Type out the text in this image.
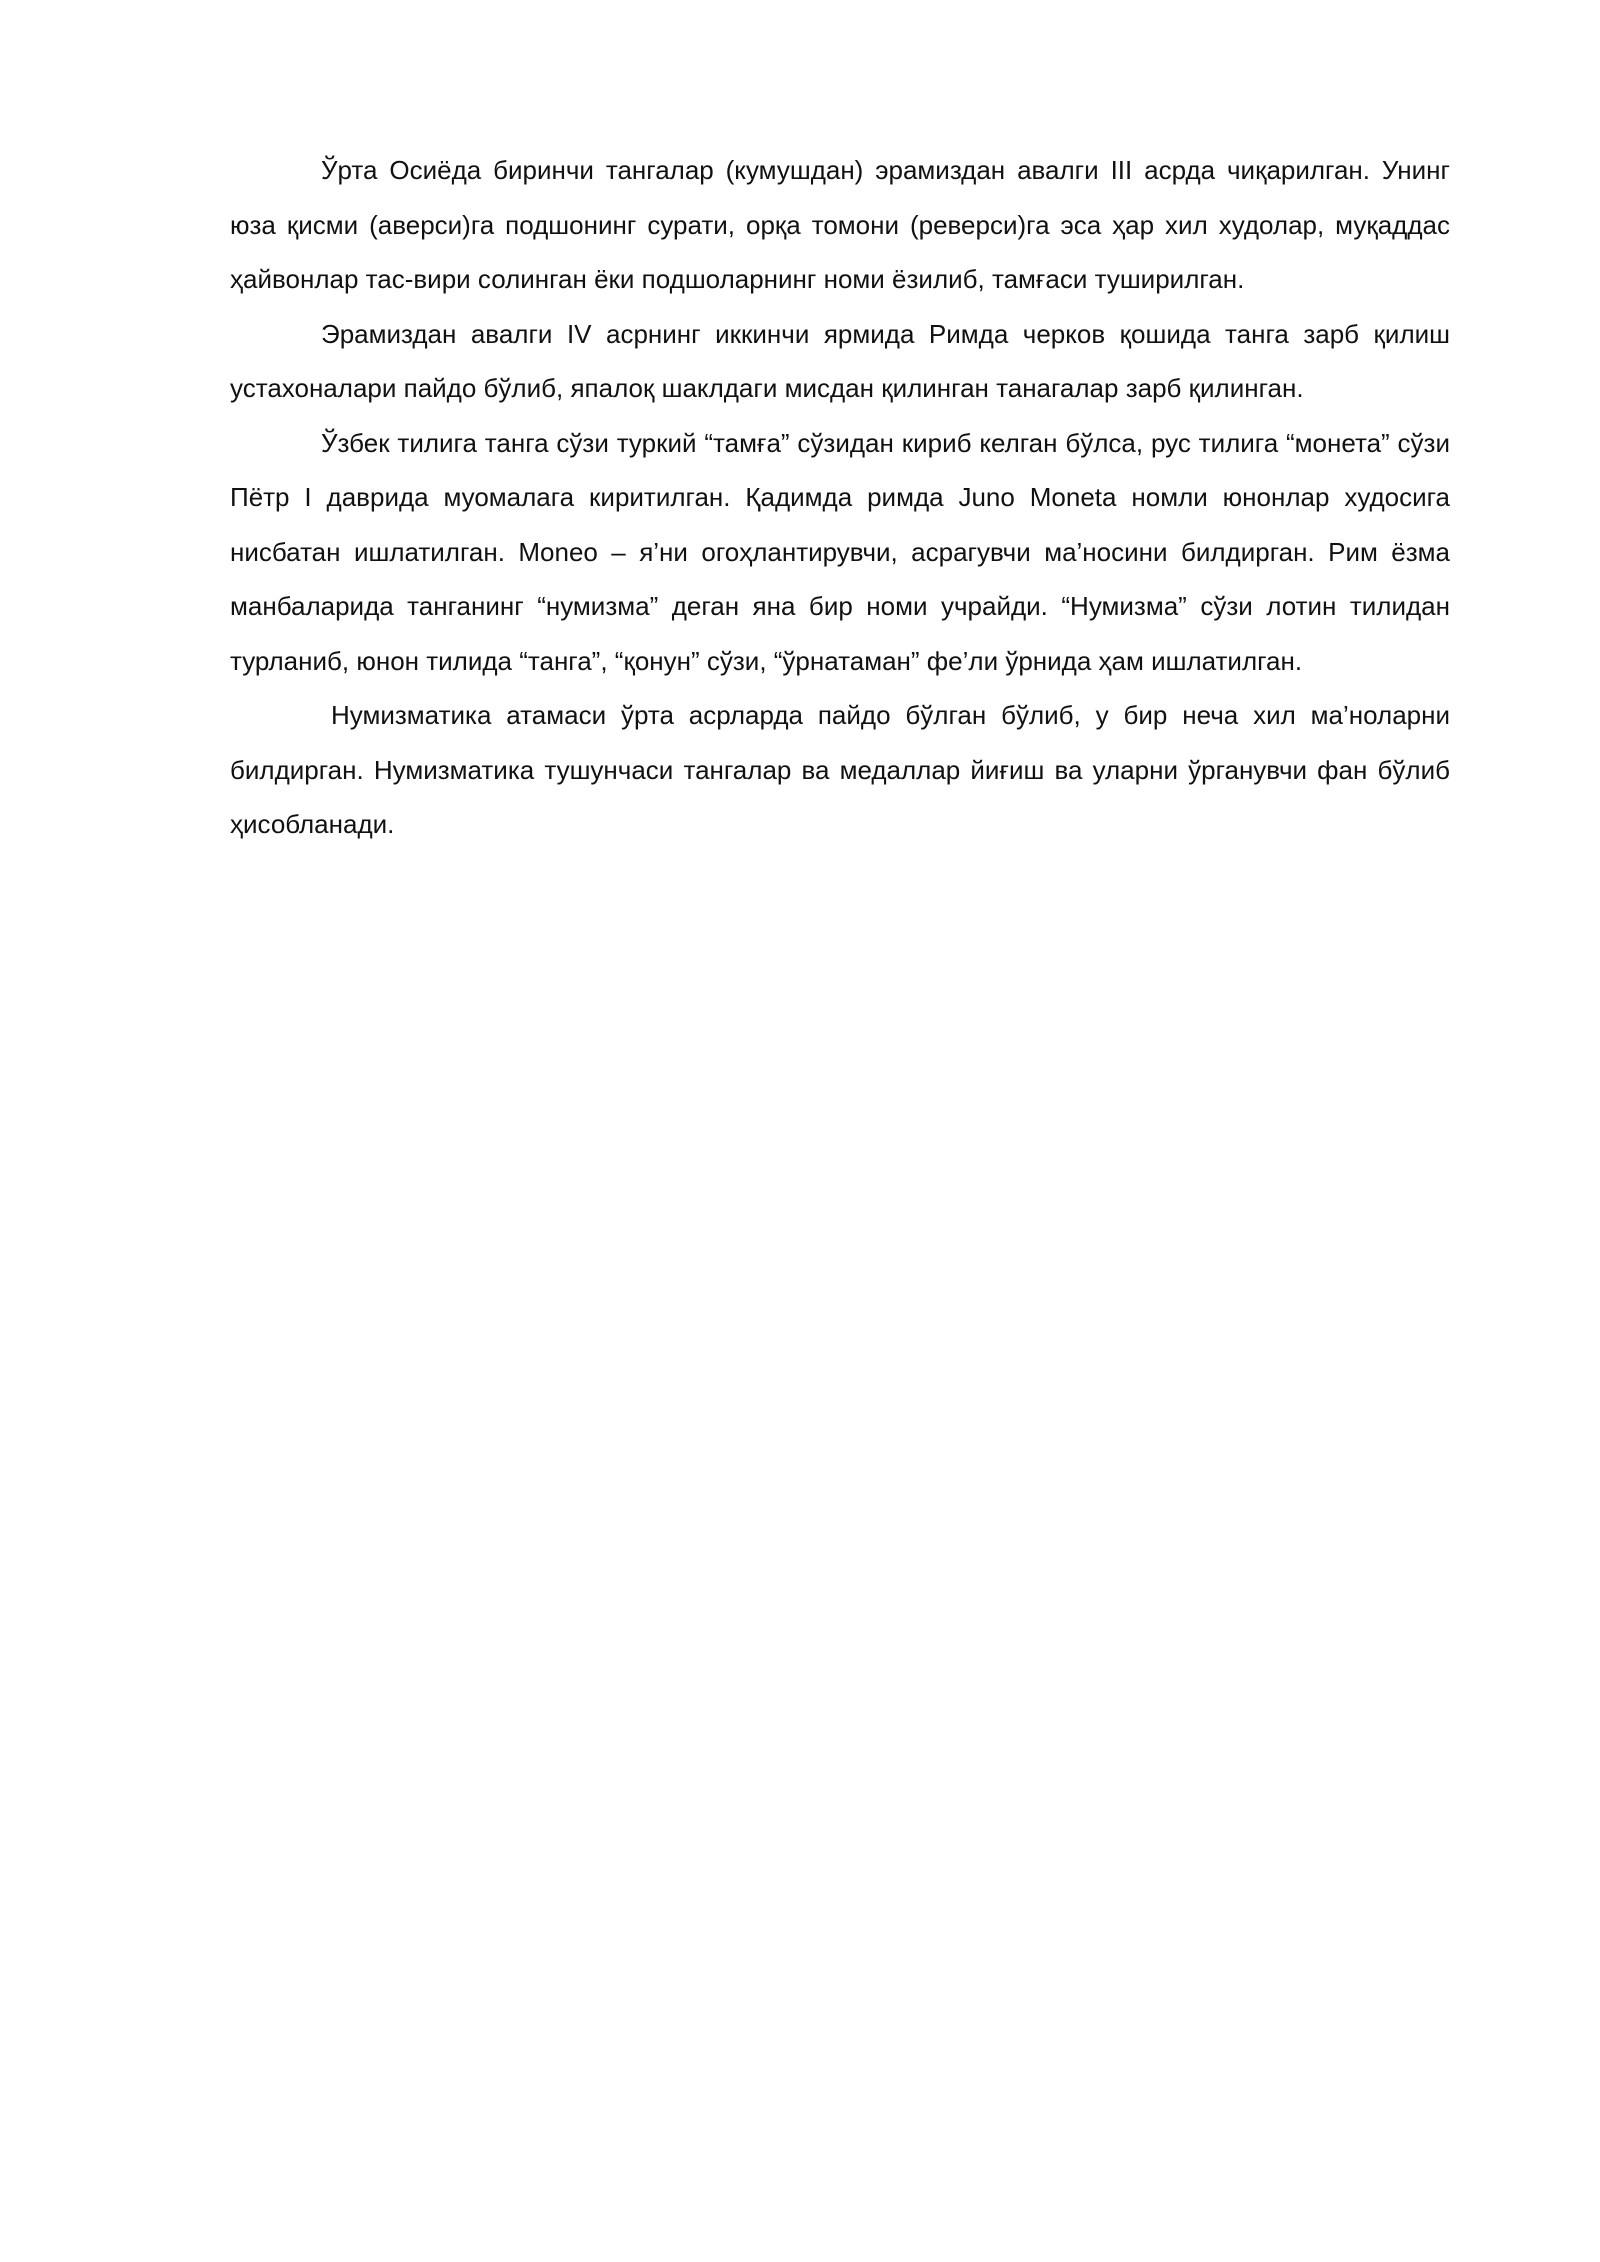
Ўрта Осиёда биринчи тангалар (кумушдан) эрамиздан авалги III асрда чиқарилган. Унинг юза қисми (аверси)га подшонинг сурати, орқа томони (реверси)га эса ҳар хил худолар, муқаддас ҳайвонлар тас-вири солинган ёки подшоларнинг номи ёзилиб, тамғаси туширилган.

Эрамиздан авалги IV асрнинг иккинчи ярмида Римда черков қошида танга зарб қилиш устахоналари пайдо бўлиб, япалоқ шаклдаги мисдан қилинган танагалар зарб қилинган.

Ўзбек тилига танга сўзи туркий “тамға” сўзидан кириб келган бўлса, рус тилига “монета” сўзи Пётр I даврида муомалага киритилган. Қадимда римда Juno Moneta номли юнонлар худосига нисбатан ишлатилган. Moneo – я’ни огоҳлантирувчи, асрагувчи ма’носини билдирган. Рим ёзма манбаларида танганинг “нумизма” деган яна бир номи учрайди. “Нумизма” сўзи лотин тилидан турланиб, юнон тилида “танга”, “қонун” сўзи, “ўрнатаман” фе’ли ўрнида ҳам ишлатилган.

Нумизматика атамаси ўрта асрларда пайдо бўлган бўлиб, у бир неча хил ма’ноларни билдирган. Нумизматика тушунчаси тангалар ва медаллар йиғиш ва уларни ўрганувчи фан бўлиб ҳисобланади.
